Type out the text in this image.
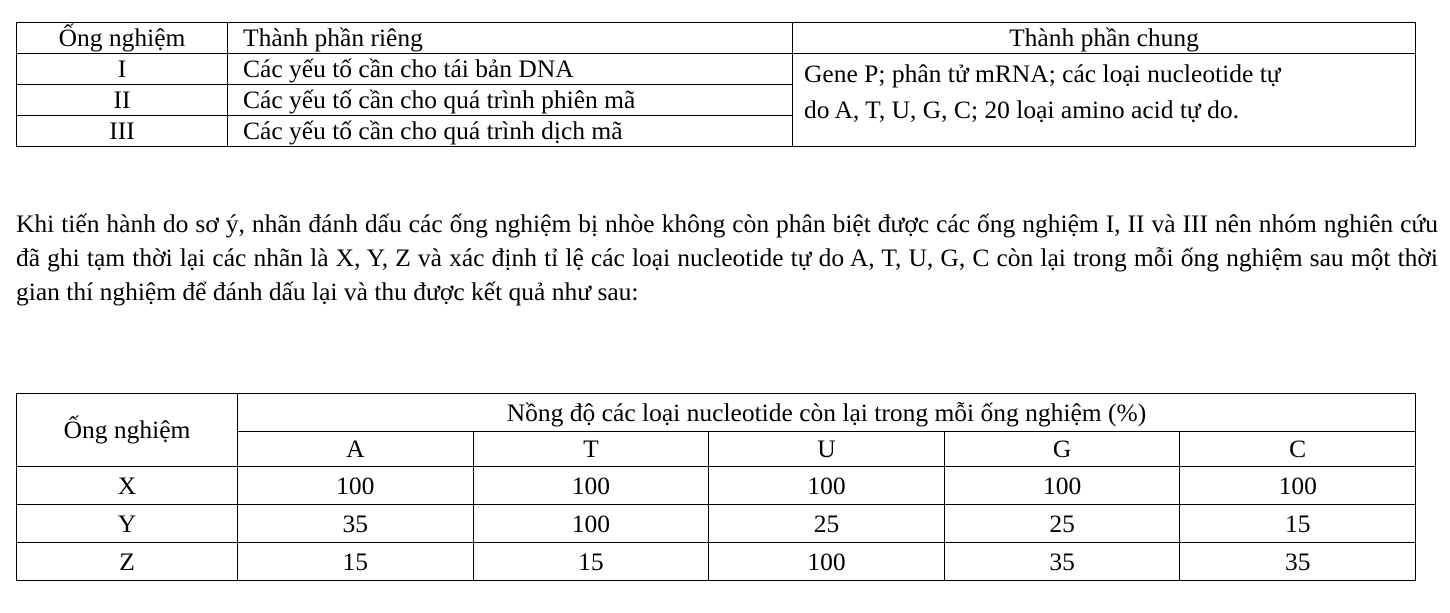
Ống nghiệm	Thành phần riêng	Thành phần chung
I	Các yếu tố cần cho tái bản DNA	Gene P; phân tử mRNA; các loại nucleotide tự
do A, T, U, G, C; 20 loại amino acid tự do.
II	Các yếu tố cần cho quá trình phiên mã	
III	Các yếu tố cần cho quá trình dịch mã	

Khi tiến hành do sơ ý, nhãn đánh dấu các ống nghiệm bị nhòe không còn phân biệt được các ống nghiệm I, II và III nên nhóm nghiên cứu đã ghi tạm thời lại các nhãn là X, Y, Z và xác định tỉ lệ các loại nucleotide tự do A, T, U, G, C còn lại trong mỗi ống nghiệm sau một thời gian thí nghiệm để đánh dấu lại và thu được kết quả như sau:

Ống nghiệm	Nồng độ các loại nucleotide còn lại trong mỗi ống nghiệm (%)				
	A	T	U	G	C
X	100	100	100	100	100
Y	35	100	25	25	15
Z	15	15	100	35	35
